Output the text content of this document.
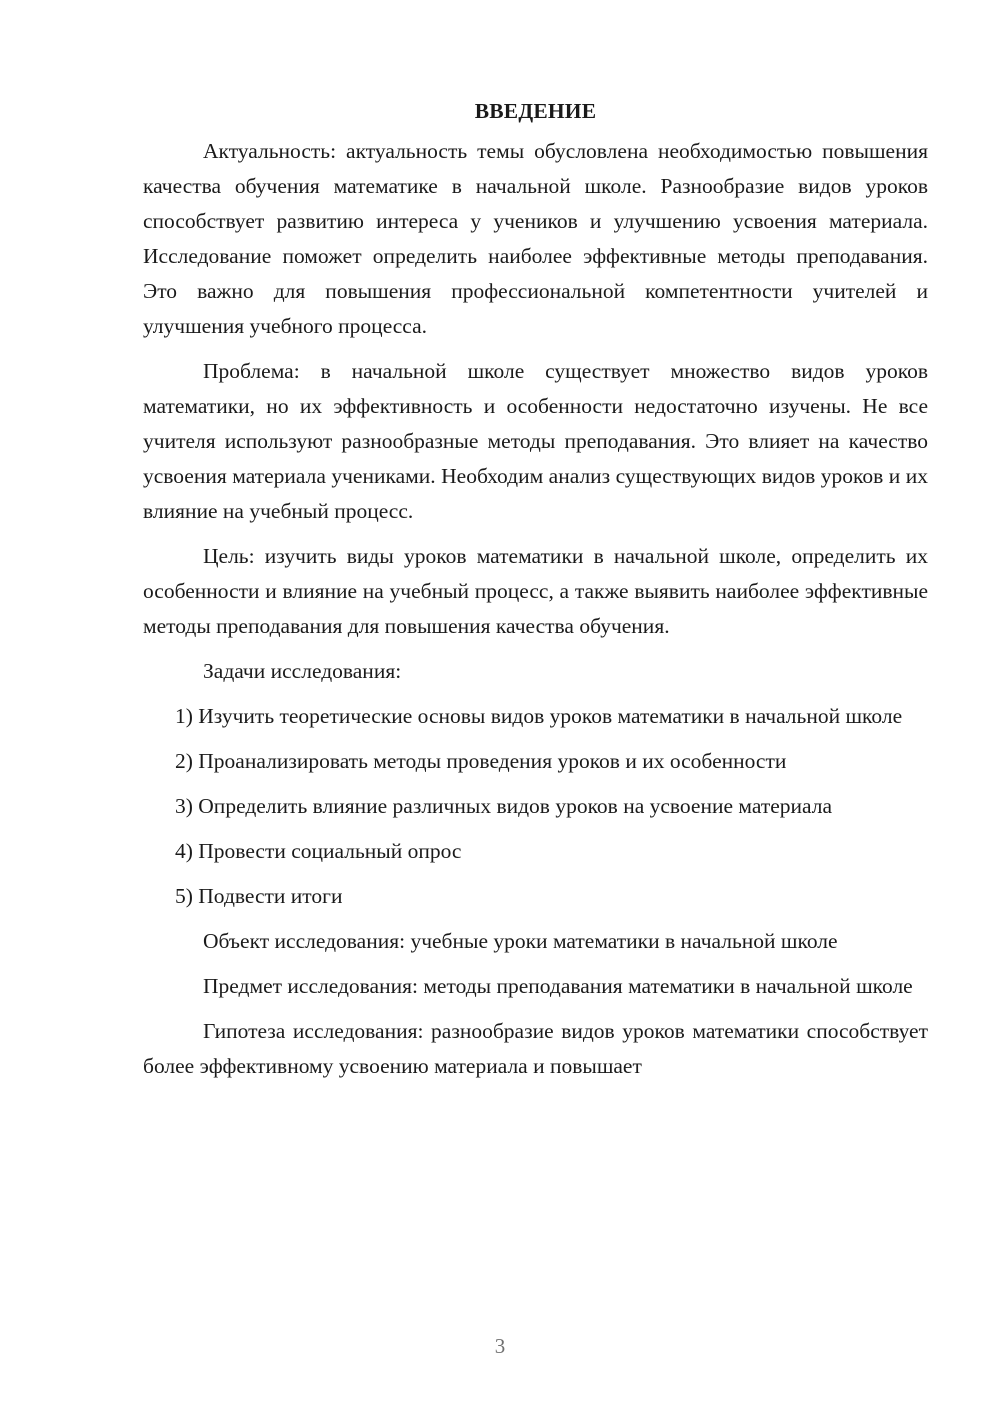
ВВЕДЕНИЕ

Актуальность: актуальность темы обусловлена необходимостью повышения качества обучения математике в начальной школе. Разнообразие видов уроков способствует развитию интереса у учеников и улучшению усвоения материала. Исследование поможет определить наиболее эффективные методы преподавания. Это важно для повышения профессиональной компетентности учителей и улучшения учебного процесса.

Проблема: в начальной школе существует множество видов уроков математики, но их эффективность и особенности недостаточно изучены. Не все учителя используют разнообразные методы преподавания. Это влияет на качество усвоения материала учениками. Необходим анализ существующих видов уроков и их влияние на учебный процесс.

Цель: изучить виды уроков математики в начальной школе, определить их особенности и влияние на учебный процесс, а также выявить наиболее эффективные методы преподавания для повышения качества обучения.

Задачи исследования:

1) Изучить теоретические основы видов уроков математики в начальной школе

2) Проанализировать методы проведения уроков и их особенности

3) Определить влияние различных видов уроков на усвоение материала

4) Провести социальный опрос

5) Подвести итоги

Объект исследования: учебные уроки математики в начальной школе

Предмет исследования: методы преподавания математики в начальной школе

Гипотеза исследования: разнообразие видов уроков математики способствует более эффективному усвоению материала и повышает

3
